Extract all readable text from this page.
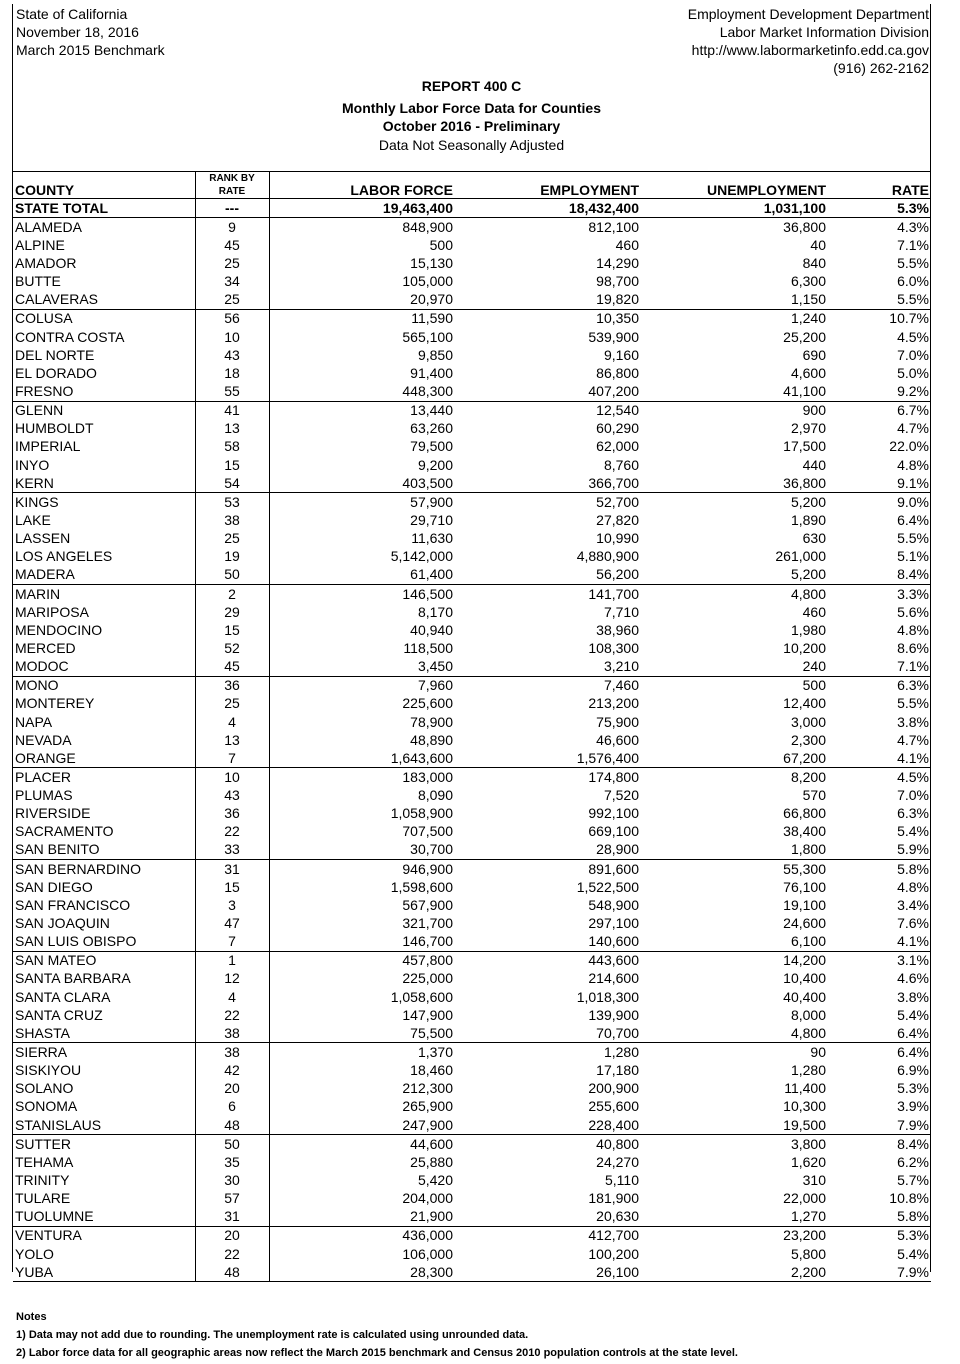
State of California
November 18, 2016
March 2015 Benchmark
Employment Development Department
Labor Market Information Division
http://www.labormarketinfo.edd.ca.gov
(916) 262-2162
REPORT 400 C
Monthly Labor Force Data for Counties
October 2016 - Preliminary
Data Not Seasonally Adjusted
COUNTY	RANK BY RATE	LABOR FORCE	EMPLOYMENT	UNEMPLOYMENT	RATE
STATE TOTAL	---	19,463,400	18,432,400	1,031,100	5.3%
ALAMEDA	9	848,900	812,100	36,800	4.3%
ALPINE	45	500	460	40	7.1%
AMADOR	25	15,130	14,290	840	5.5%
BUTTE	34	105,000	98,700	6,300	6.0%
CALAVERAS	25	20,970	19,820	1,150	5.5%
COLUSA	56	11,590	10,350	1,240	10.7%
CONTRA COSTA	10	565,100	539,900	25,200	4.5%
DEL NORTE	43	9,850	9,160	690	7.0%
EL DORADO	18	91,400	86,800	4,600	5.0%
FRESNO	55	448,300	407,200	41,100	9.2%
GLENN	41	13,440	12,540	900	6.7%
HUMBOLDT	13	63,260	60,290	2,970	4.7%
IMPERIAL	58	79,500	62,000	17,500	22.0%
INYO	15	9,200	8,760	440	4.8%
KERN	54	403,500	366,700	36,800	9.1%
KINGS	53	57,900	52,700	5,200	9.0%
LAKE	38	29,710	27,820	1,890	6.4%
LASSEN	25	11,630	10,990	630	5.5%
LOS ANGELES	19	5,142,000	4,880,900	261,000	5.1%
MADERA	50	61,400	56,200	5,200	8.4%
MARIN	2	146,500	141,700	4,800	3.3%
MARIPOSA	29	8,170	7,710	460	5.6%
MENDOCINO	15	40,940	38,960	1,980	4.8%
MERCED	52	118,500	108,300	10,200	8.6%
MODOC	45	3,450	3,210	240	7.1%
MONO	36	7,960	7,460	500	6.3%
MONTEREY	25	225,600	213,200	12,400	5.5%
NAPA	4	78,900	75,900	3,000	3.8%
NEVADA	13	48,890	46,600	2,300	4.7%
ORANGE	7	1,643,600	1,576,400	67,200	4.1%
PLACER	10	183,000	174,800	8,200	4.5%
PLUMAS	43	8,090	7,520	570	7.0%
RIVERSIDE	36	1,058,900	992,100	66,800	6.3%
SACRAMENTO	22	707,500	669,100	38,400	5.4%
SAN BENITO	33	30,700	28,900	1,800	5.9%
SAN BERNARDINO	31	946,900	891,600	55,300	5.8%
SAN DIEGO	15	1,598,600	1,522,500	76,100	4.8%
SAN FRANCISCO	3	567,900	548,900	19,100	3.4%
SAN JOAQUIN	47	321,700	297,100	24,600	7.6%
SAN LUIS OBISPO	7	146,700	140,600	6,100	4.1%
SAN MATEO	1	457,800	443,600	14,200	3.1%
SANTA BARBARA	12	225,000	214,600	10,400	4.6%
SANTA CLARA	4	1,058,600	1,018,300	40,400	3.8%
SANTA CRUZ	22	147,900	139,900	8,000	5.4%
SHASTA	38	75,500	70,700	4,800	6.4%
SIERRA	38	1,370	1,280	90	6.4%
SISKIYOU	42	18,460	17,180	1,280	6.9%
SOLANO	20	212,300	200,900	11,400	5.3%
SONOMA	6	265,900	255,600	10,300	3.9%
STANISLAUS	48	247,900	228,400	19,500	7.9%
SUTTER	50	44,600	40,800	3,800	8.4%
TEHAMA	35	25,880	24,270	1,620	6.2%
TRINITY	30	5,420	5,110	310	5.7%
TULARE	57	204,000	181,900	22,000	10.8%
TUOLUMNE	31	21,900	20,630	1,270	5.8%
VENTURA	20	436,000	412,700	23,200	5.3%
YOLO	22	106,000	100,200	5,800	5.4%
YUBA	48	28,300	26,100	2,200	7.9%
Notes
1) Data may not add due to rounding. The unemployment rate is calculated using unrounded data.
2) Labor force data for all geographic areas now reflect the March 2015 benchmark and Census 2010 population controls at the state level.
